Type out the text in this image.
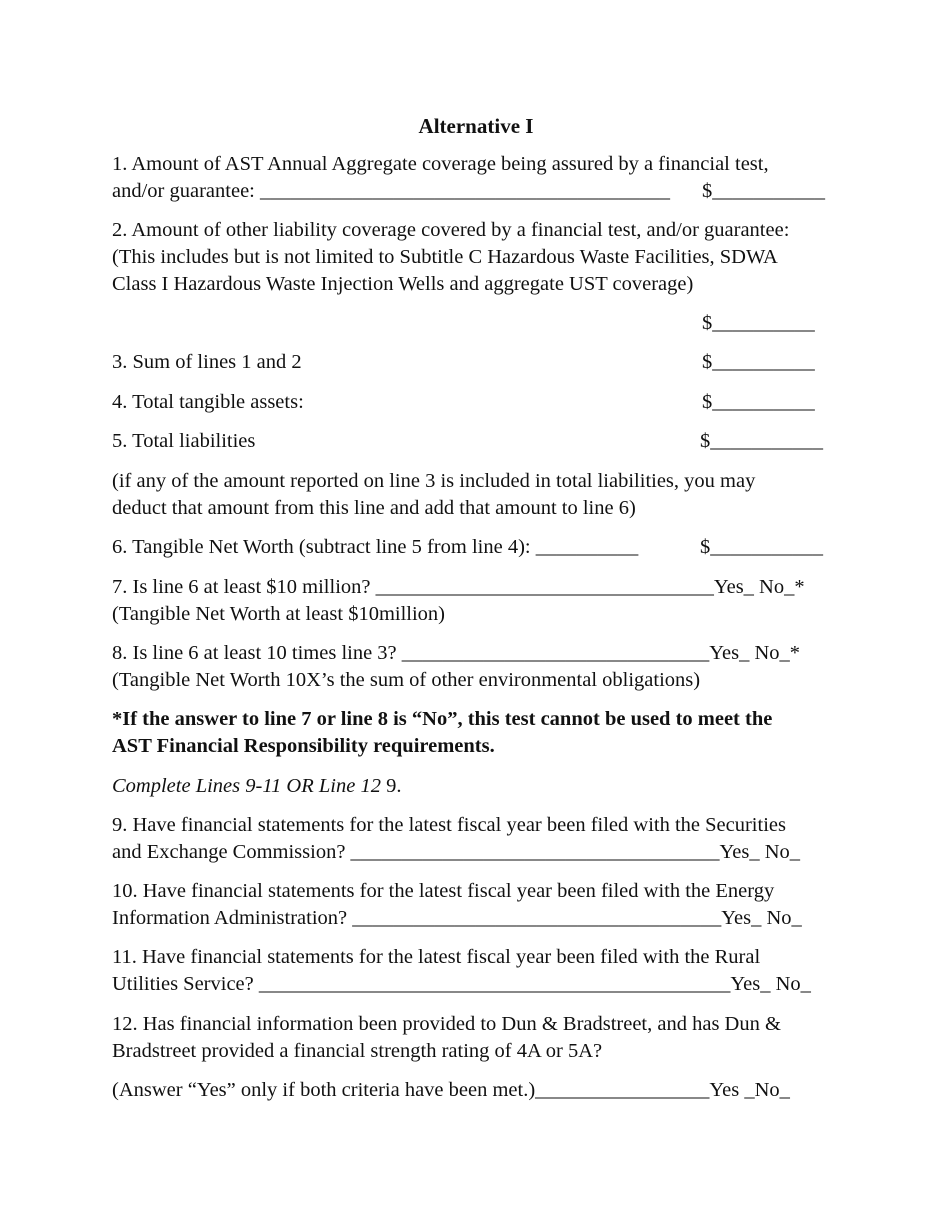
Alternative I
1. Amount of AST Annual Aggregate coverage being assured by a financial test,
and/or guarantee: ________________________________________ $___________
2. Amount of other liability coverage covered by a financial test, and/or guarantee:
(This includes but is not limited to Subtitle C Hazardous Waste Facilities, SDWA
Class I Hazardous Waste Injection Wells and aggregate UST coverage)
$__________
3. Sum of lines 1 and 2	$__________
4. Total tangible assets:	$__________
5. Total liabilities	$___________
(if any of the amount reported on line 3 is included in total liabilities, you may
deduct that amount from this line and add that amount to line 6)
6. Tangible Net Worth (subtract line 5 from line 4): __________	$___________
7. Is line 6 at least $10 million? _________________________________Yes_ No_*
(Tangible Net Worth at least $10million)
8. Is line 6 at least 10 times line 3? ______________________________Yes_ No_*
(Tangible Net Worth 10X’s the sum of other environmental obligations)
*If the answer to line 7 or line 8 is “No”, this test cannot be used to meet the
AST Financial Responsibility requirements.
Complete Lines 9-11 OR Line 12 9.
9. Have financial statements for the latest fiscal year been filed with the Securities
and Exchange Commission? ____________________________________Yes_ No_
10. Have financial statements for the latest fiscal year been filed with the Energy
Information Administration? ____________________________________Yes_ No_
11. Have financial statements for the latest fiscal year been filed with the Rural
Utilities Service? ______________________________________________Yes_ No_
12. Has financial information been provided to Dun & Bradstreet, and has Dun &
Bradstreet provided a financial strength rating of 4A or 5A?
(Answer “Yes” only if both criteria have been met.)_________________Yes _No_
